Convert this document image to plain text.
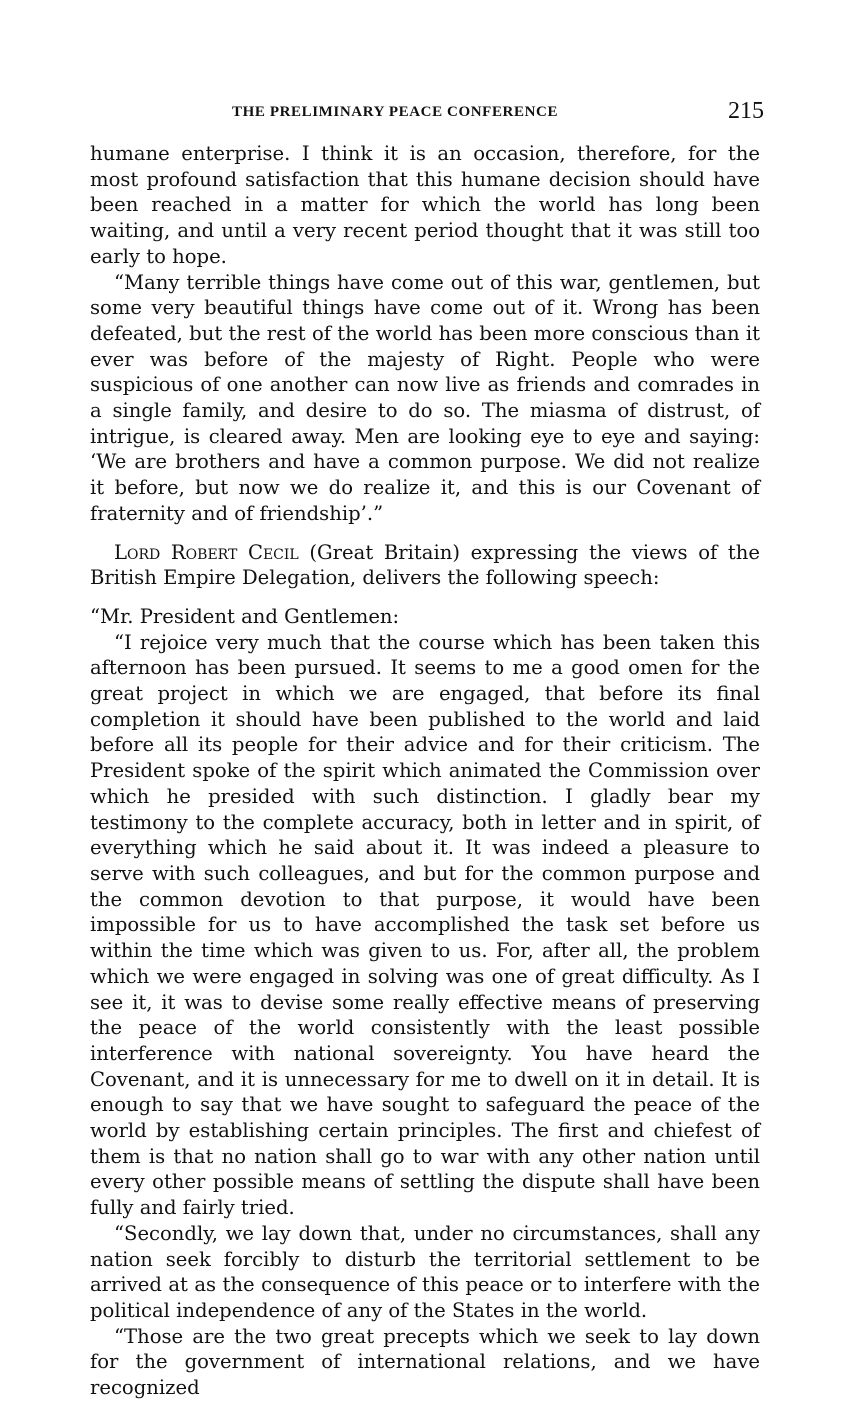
THE PRELIMINARY PEACE CONFERENCE	215

humane enterprise. I think it is an occasion, therefore, for the most profound satisfaction that this humane decision should have been reached in a matter for which the world has long been waiting, and until a very recent period thought that it was still too early to hope.

“Many terrible things have come out of this war, gentlemen, but some very beautiful things have come out of it. Wrong has been defeated, but the rest of the world has been more conscious than it ever was before of the majesty of Right. People who were suspicious of one another can now live as friends and comrades in a single family, and desire to do so. The miasma of distrust, of intrigue, is cleared away. Men are looking eye to eye and saying: ‘We are brothers and have a common purpose. We did not realize it before, but now we do realize it, and this is our Covenant of fraternity and of friendship’.”

Lord Robert Cecil (Great Britain) expressing the views of the British Empire Delegation, delivers the following speech:

“Mr. President and Gentlemen:

“I rejoice very much that the course which has been taken this afternoon has been pursued. It seems to me a good omen for the great project in which we are engaged, that before its final completion it should have been published to the world and laid before all its people for their advice and for their criticism. The President spoke of the spirit which animated the Commission over which he presided with such distinction. I gladly bear my testimony to the complete accuracy, both in letter and in spirit, of everything which he said about it. It was indeed a pleasure to serve with such colleagues, and but for the common purpose and the common devotion to that purpose, it would have been impossible for us to have accomplished the task set before us within the time which was given to us. For, after all, the problem which we were engaged in solving was one of great difficulty. As I see it, it was to devise some really effective means of preserving the peace of the world consistently with the least possible interference with national sovereignty. You have heard the Covenant, and it is unnecessary for me to dwell on it in detail. It is enough to say that we have sought to safeguard the peace of the world by establishing certain principles. The first and chiefest of them is that no nation shall go to war with any other nation until every other possible means of settling the dispute shall have been fully and fairly tried.

“Secondly, we lay down that, under no circumstances, shall any nation seek forcibly to disturb the territorial settlement to be arrived at as the consequence of this peace or to interfere with the political independence of any of the States in the world.

“Those are the two great precepts which we seek to lay down for the government of international relations, and we have recognized
